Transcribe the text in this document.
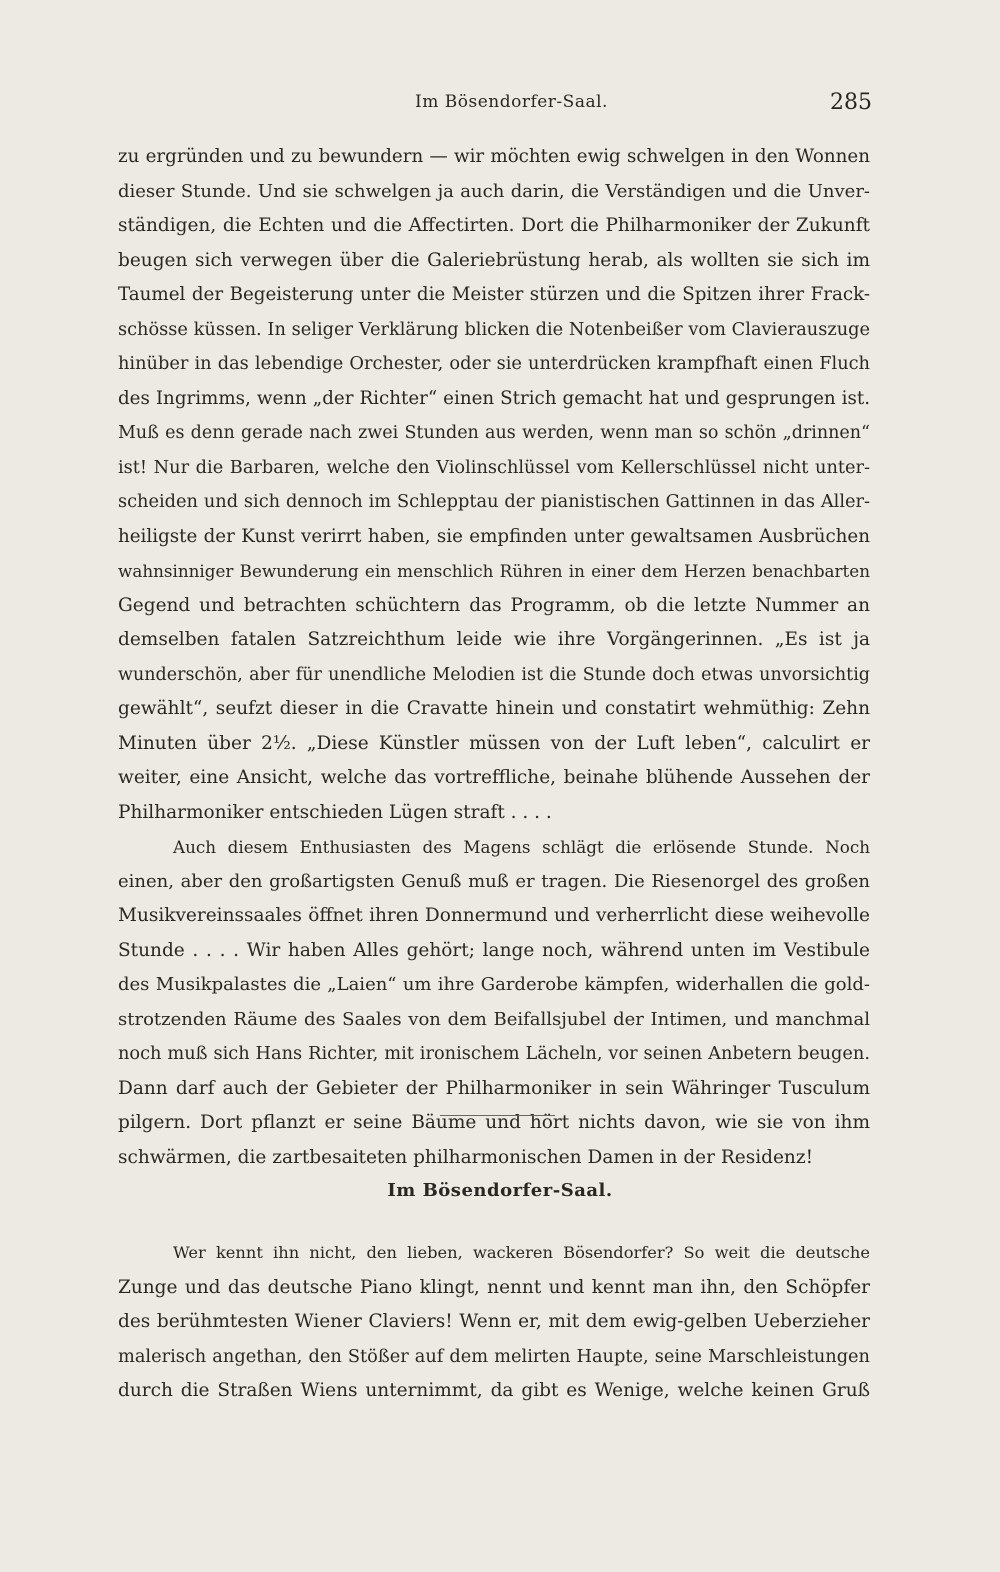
Im Bösendorfer-Saal.	285
zu ergründen und zu bewundern — wir möchten ewig schwelgen in den Wonnen
dieser Stunde. Und sie schwelgen ja auch darin, die Verständigen und die Unver-
ständigen, die Echten und die Affectirten. Dort die Philharmoniker der Zukunft
beugen sich verwegen über die Galeriebrüstung herab, als wollten sie sich im
Taumel der Begeisterung unter die Meister stürzen und die Spitzen ihrer Frack-
schösse küssen. In seliger Verklärung blicken die Notenbeißer vom Clavierauszuge
hinüber in das lebendige Orchester, oder sie unterdrücken krampfhaft einen Fluch
des Ingrimms, wenn „der Richter“ einen Strich gemacht hat und gesprungen ist.
Muß es denn gerade nach zwei Stunden aus werden, wenn man so schön „drinnen“
ist! Nur die Barbaren, welche den Violinschlüssel vom Kellerschlüssel nicht unter-
scheiden und sich dennoch im Schlepptau der pianistischen Gattinnen in das Aller-
heiligste der Kunst verirrt haben, sie empfinden unter gewaltsamen Ausbrüchen
wahnsinniger Bewunderung ein menschlich Rühren in einer dem Herzen benachbarten
Gegend und betrachten schüchtern das Programm, ob die letzte Nummer an
demselben fatalen Satzreichthum leide wie ihre Vorgängerinnen. „Es ist ja
wunderschön, aber für unendliche Melodien ist die Stunde doch etwas unvorsichtig
gewählt“, seufzt dieser in die Cravatte hinein und constatirt wehmüthig: Zehn
Minuten über 2½. „Diese Künstler müssen von der Luft leben“, calculirt er
weiter, eine Ansicht, welche das vortreffliche, beinahe blühende Aussehen der
Philharmoniker entschieden Lügen straft . . . .
Auch diesem Enthusiasten des Magens schlägt die erlösende Stunde. Noch
einen, aber den großartigsten Genuß muß er tragen. Die Riesenorgel des großen
Musikvereinssaales öffnet ihren Donnermund und verherrlicht diese weihevolle
Stunde . . . . Wir haben Alles gehört; lange noch, während unten im Vestibule
des Musikpalastes die „Laien“ um ihre Garderobe kämpfen, widerhallen die gold-
strotzenden Räume des Saales von dem Beifallsjubel der Intimen, und manchmal
noch muß sich Hans Richter, mit ironischem Lächeln, vor seinen Anbetern beugen.
Dann darf auch der Gebieter der Philharmoniker in sein Währinger Tusculum
pilgern. Dort pflanzt er seine Bäume und hört nichts davon, wie sie von ihm
schwärmen, die zartbesaiteten philharmonischen Damen in der Residenz!
Im Bösendorfer-Saal.
Wer kennt ihn nicht, den lieben, wackeren Bösendorfer? So weit die deutsche
Zunge und das deutsche Piano klingt, nennt und kennt man ihn, den Schöpfer
des berühmtesten Wiener Claviers! Wenn er, mit dem ewig-gelben Ueberzieher
malerisch angethan, den Stößer auf dem melirten Haupte, seine Marschleistungen
durch die Straßen Wiens unternimmt, da gibt es Wenige, welche keinen Gruß
